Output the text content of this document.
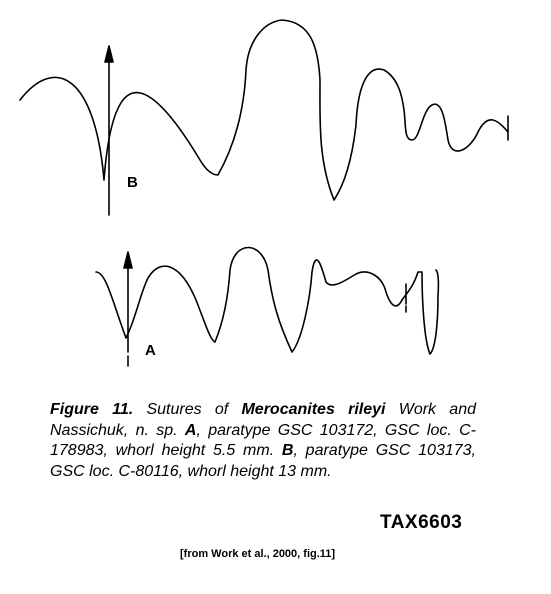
B
A
Figure 11. Sutures of Merocanites rileyi Work and Nassichuk, n. sp. A, paratype GSC 103172, GSC loc. C-178983, whorl height 5.5 mm. B, paratype GSC 103173, GSC loc. C-80116, whorl height 13 mm.
TAX6603
[from Work et al., 2000, fig.11]
